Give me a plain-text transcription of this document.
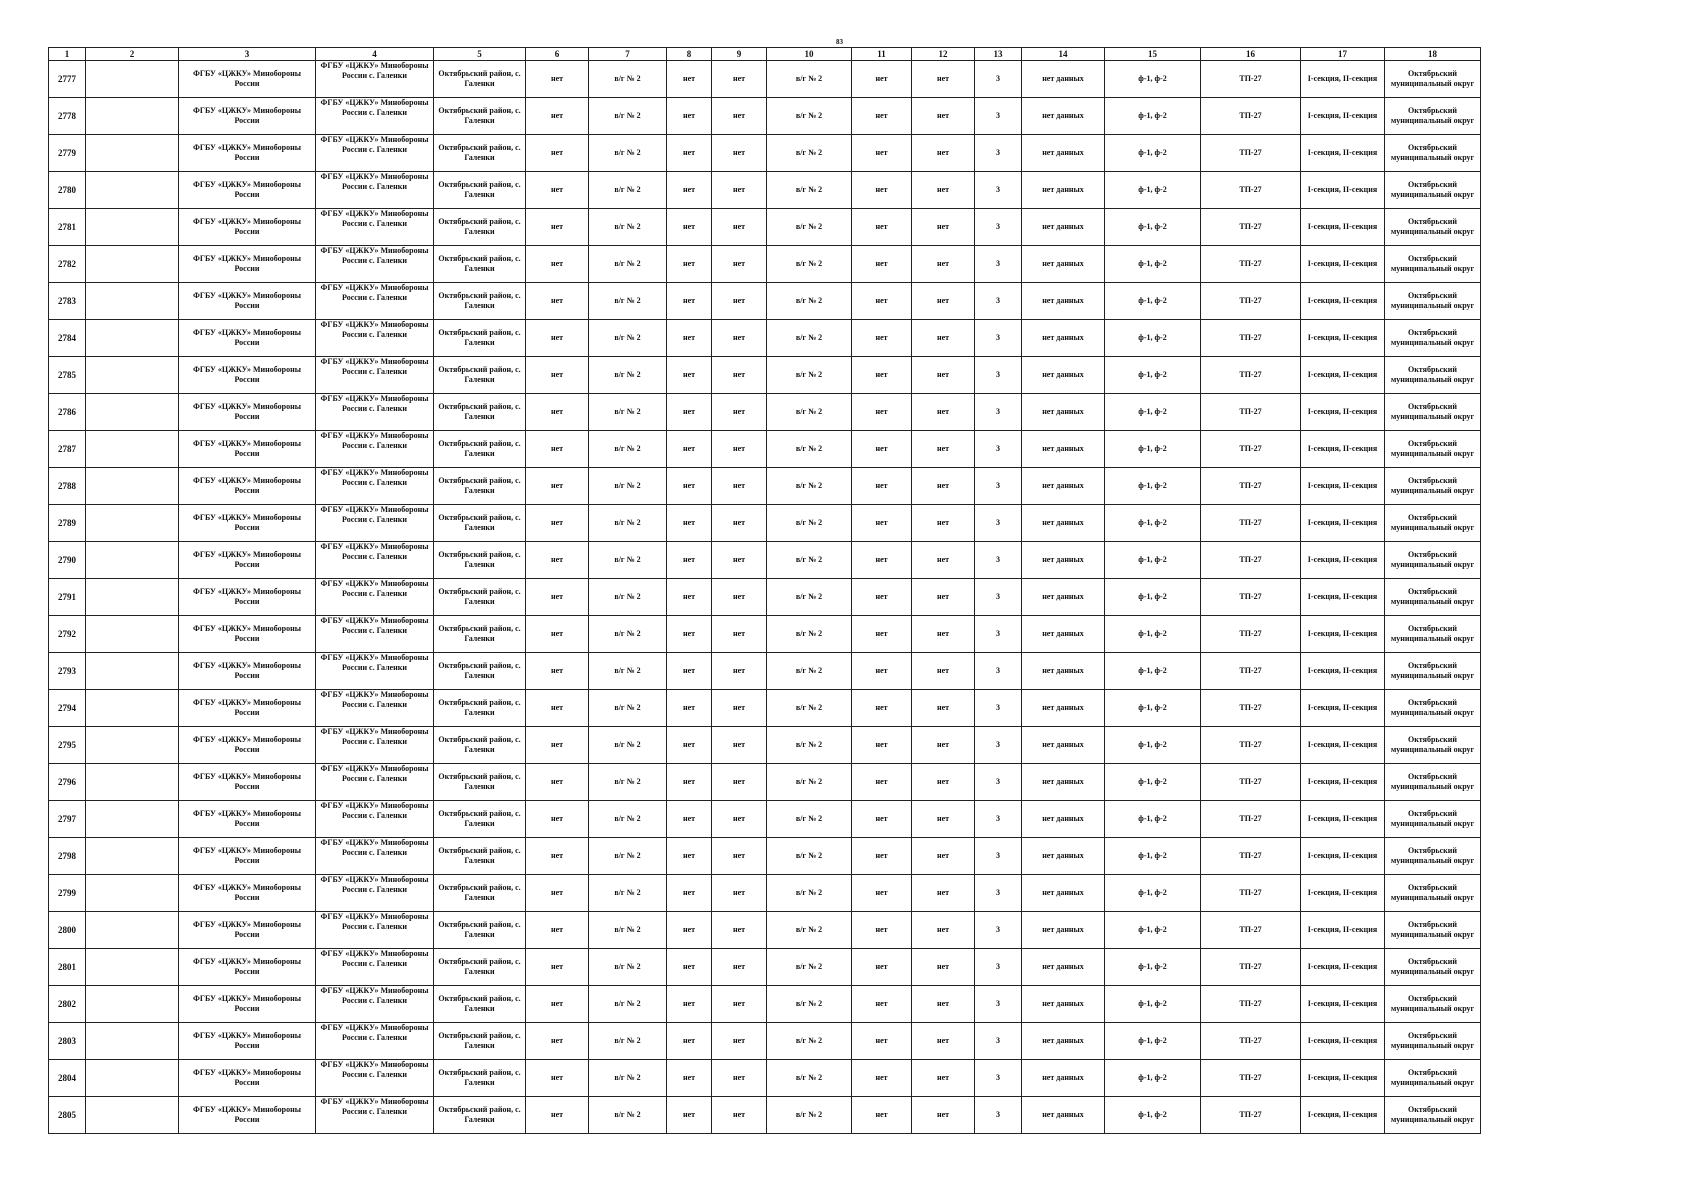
83
1	2	3	4	5	6	7	8	9	10	11	12	13	14	15	16	17	18
2777		ФГБУ «ЦЖКУ» Минобороны России	ФГБУ «ЦЖКУ» Минобороны России с. Галенки	Октябрьский район, с. Галенки	нет	в/г № 2	нет	нет	в/г № 2	нет	нет	3	нет данных	ф-1, ф-2	ТП-27	I-секция, II-секция	Октябрьский муниципальный округ
2778		ФГБУ «ЦЖКУ» Минобороны России	ФГБУ «ЦЖКУ» Минобороны России с. Галенки	Октябрьский район, с. Галенки	нет	в/г № 2	нет	нет	в/г № 2	нет	нет	3	нет данных	ф-1, ф-2	ТП-27	I-секция, II-секция	Октябрьский муниципальный округ
2779		ФГБУ «ЦЖКУ» Минобороны России	ФГБУ «ЦЖКУ» Минобороны России с. Галенки	Октябрьский район, с. Галенки	нет	в/г № 2	нет	нет	в/г № 2	нет	нет	3	нет данных	ф-1, ф-2	ТП-27	I-секция, II-секция	Октябрьский муниципальный округ
2780		ФГБУ «ЦЖКУ» Минобороны России	ФГБУ «ЦЖКУ» Минобороны России с. Галенки	Октябрьский район, с. Галенки	нет	в/г № 2	нет	нет	в/г № 2	нет	нет	3	нет данных	ф-1, ф-2	ТП-27	I-секция, II-секция	Октябрьский муниципальный округ
2781		ФГБУ «ЦЖКУ» Минобороны России	ФГБУ «ЦЖКУ» Минобороны России с. Галенки	Октябрьский район, с. Галенки	нет	в/г № 2	нет	нет	в/г № 2	нет	нет	3	нет данных	ф-1, ф-2	ТП-27	I-секция, II-секция	Октябрьский муниципальный округ
2782		ФГБУ «ЦЖКУ» Минобороны России	ФГБУ «ЦЖКУ» Минобороны России с. Галенки	Октябрьский район, с. Галенки	нет	в/г № 2	нет	нет	в/г № 2	нет	нет	3	нет данных	ф-1, ф-2	ТП-27	I-секция, II-секция	Октябрьский муниципальный округ
2783		ФГБУ «ЦЖКУ» Минобороны России	ФГБУ «ЦЖКУ» Минобороны России с. Галенки	Октябрьский район, с. Галенки	нет	в/г № 2	нет	нет	в/г № 2	нет	нет	3	нет данных	ф-1, ф-2	ТП-27	I-секция, II-секция	Октябрьский муниципальный округ
2784		ФГБУ «ЦЖКУ» Минобороны России	ФГБУ «ЦЖКУ» Минобороны России с. Галенки	Октябрьский район, с. Галенки	нет	в/г № 2	нет	нет	в/г № 2	нет	нет	3	нет данных	ф-1, ф-2	ТП-27	I-секция, II-секция	Октябрьский муниципальный округ
2785		ФГБУ «ЦЖКУ» Минобороны России	ФГБУ «ЦЖКУ» Минобороны России с. Галенки	Октябрьский район, с. Галенки	нет	в/г № 2	нет	нет	в/г № 2	нет	нет	3	нет данных	ф-1, ф-2	ТП-27	I-секция, II-секция	Октябрьский муниципальный округ
2786		ФГБУ «ЦЖКУ» Минобороны России	ФГБУ «ЦЖКУ» Минобороны России с. Галенки	Октябрьский район, с. Галенки	нет	в/г № 2	нет	нет	в/г № 2	нет	нет	3	нет данных	ф-1, ф-2	ТП-27	I-секция, II-секция	Октябрьский муниципальный округ
2787		ФГБУ «ЦЖКУ» Минобороны России	ФГБУ «ЦЖКУ» Минобороны России с. Галенки	Октябрьский район, с. Галенки	нет	в/г № 2	нет	нет	в/г № 2	нет	нет	3	нет данных	ф-1, ф-2	ТП-27	I-секция, II-секция	Октябрьский муниципальный округ
2788		ФГБУ «ЦЖКУ» Минобороны России	ФГБУ «ЦЖКУ» Минобороны России с. Галенки	Октябрьский район, с. Галенки	нет	в/г № 2	нет	нет	в/г № 2	нет	нет	3	нет данных	ф-1, ф-2	ТП-27	I-секция, II-секция	Октябрьский муниципальный округ
2789		ФГБУ «ЦЖКУ» Минобороны России	ФГБУ «ЦЖКУ» Минобороны России с. Галенки	Октябрьский район, с. Галенки	нет	в/г № 2	нет	нет	в/г № 2	нет	нет	3	нет данных	ф-1, ф-2	ТП-27	I-секция, II-секция	Октябрьский муниципальный округ
2790		ФГБУ «ЦЖКУ» Минобороны России	ФГБУ «ЦЖКУ» Минобороны России с. Галенки	Октябрьский район, с. Галенки	нет	в/г № 2	нет	нет	в/г № 2	нет	нет	3	нет данных	ф-1, ф-2	ТП-27	I-секция, II-секция	Октябрьский муниципальный округ
2791		ФГБУ «ЦЖКУ» Минобороны России	ФГБУ «ЦЖКУ» Минобороны России с. Галенки	Октябрьский район, с. Галенки	нет	в/г № 2	нет	нет	в/г № 2	нет	нет	3	нет данных	ф-1, ф-2	ТП-27	I-секция, II-секция	Октябрьский муниципальный округ
2792		ФГБУ «ЦЖКУ» Минобороны России	ФГБУ «ЦЖКУ» Минобороны России с. Галенки	Октябрьский район, с. Галенки	нет	в/г № 2	нет	нет	в/г № 2	нет	нет	3	нет данных	ф-1, ф-2	ТП-27	I-секция, II-секция	Октябрьский муниципальный округ
2793		ФГБУ «ЦЖКУ» Минобороны России	ФГБУ «ЦЖКУ» Минобороны России с. Галенки	Октябрьский район, с. Галенки	нет	в/г № 2	нет	нет	в/г № 2	нет	нет	3	нет данных	ф-1, ф-2	ТП-27	I-секция, II-секция	Октябрьский муниципальный округ
2794		ФГБУ «ЦЖКУ» Минобороны России	ФГБУ «ЦЖКУ» Минобороны России с. Галенки	Октябрьский район, с. Галенки	нет	в/г № 2	нет	нет	в/г № 2	нет	нет	3	нет данных	ф-1, ф-2	ТП-27	I-секция, II-секция	Октябрьский муниципальный округ
2795		ФГБУ «ЦЖКУ» Минобороны России	ФГБУ «ЦЖКУ» Минобороны России с. Галенки	Октябрьский район, с. Галенки	нет	в/г № 2	нет	нет	в/г № 2	нет	нет	3	нет данных	ф-1, ф-2	ТП-27	I-секция, II-секция	Октябрьский муниципальный округ
2796		ФГБУ «ЦЖКУ» Минобороны России	ФГБУ «ЦЖКУ» Минобороны России с. Галенки	Октябрьский район, с. Галенки	нет	в/г № 2	нет	нет	в/г № 2	нет	нет	3	нет данных	ф-1, ф-2	ТП-27	I-секция, II-секция	Октябрьский муниципальный округ
2797		ФГБУ «ЦЖКУ» Минобороны России	ФГБУ «ЦЖКУ» Минобороны России с. Галенки	Октябрьский район, с. Галенки	нет	в/г № 2	нет	нет	в/г № 2	нет	нет	3	нет данных	ф-1, ф-2	ТП-27	I-секция, II-секция	Октябрьский муниципальный округ
2798		ФГБУ «ЦЖКУ» Минобороны России	ФГБУ «ЦЖКУ» Минобороны России с. Галенки	Октябрьский район, с. Галенки	нет	в/г № 2	нет	нет	в/г № 2	нет	нет	3	нет данных	ф-1, ф-2	ТП-27	I-секция, II-секция	Октябрьский муниципальный округ
2799		ФГБУ «ЦЖКУ» Минобороны России	ФГБУ «ЦЖКУ» Минобороны России с. Галенки	Октябрьский район, с. Галенки	нет	в/г № 2	нет	нет	в/г № 2	нет	нет	3	нет данных	ф-1, ф-2	ТП-27	I-секция, II-секция	Октябрьский муниципальный округ
2800		ФГБУ «ЦЖКУ» Минобороны России	ФГБУ «ЦЖКУ» Минобороны России с. Галенки	Октябрьский район, с. Галенки	нет	в/г № 2	нет	нет	в/г № 2	нет	нет	3	нет данных	ф-1, ф-2	ТП-27	I-секция, II-секция	Октябрьский муниципальный округ
2801		ФГБУ «ЦЖКУ» Минобороны России	ФГБУ «ЦЖКУ» Минобороны России с. Галенки	Октябрьский район, с. Галенки	нет	в/г № 2	нет	нет	в/г № 2	нет	нет	3	нет данных	ф-1, ф-2	ТП-27	I-секция, II-секция	Октябрьский муниципальный округ
2802		ФГБУ «ЦЖКУ» Минобороны России	ФГБУ «ЦЖКУ» Минобороны России с. Галенки	Октябрьский район, с. Галенки	нет	в/г № 2	нет	нет	в/г № 2	нет	нет	3	нет данных	ф-1, ф-2	ТП-27	I-секция, II-секция	Октябрьский муниципальный округ
2803		ФГБУ «ЦЖКУ» Минобороны России	ФГБУ «ЦЖКУ» Минобороны России с. Галенки	Октябрьский район, с. Галенки	нет	в/г № 2	нет	нет	в/г № 2	нет	нет	3	нет данных	ф-1, ф-2	ТП-27	I-секция, II-секция	Октябрьский муниципальный округ
2804		ФГБУ «ЦЖКУ» Минобороны России	ФГБУ «ЦЖКУ» Минобороны России с. Галенки	Октябрьский район, с. Галенки	нет	в/г № 2	нет	нет	в/г № 2	нет	нет	3	нет данных	ф-1, ф-2	ТП-27	I-секция, II-секция	Октябрьский муниципальный округ
2805		ФГБУ «ЦЖКУ» Минобороны России	ФГБУ «ЦЖКУ» Минобороны России с. Галенки	Октябрьский район, с. Галенки	нет	в/г № 2	нет	нет	в/г № 2	нет	нет	3	нет данных	ф-1, ф-2	ТП-27	I-секция, II-секция	Октябрьский муниципальный округ
